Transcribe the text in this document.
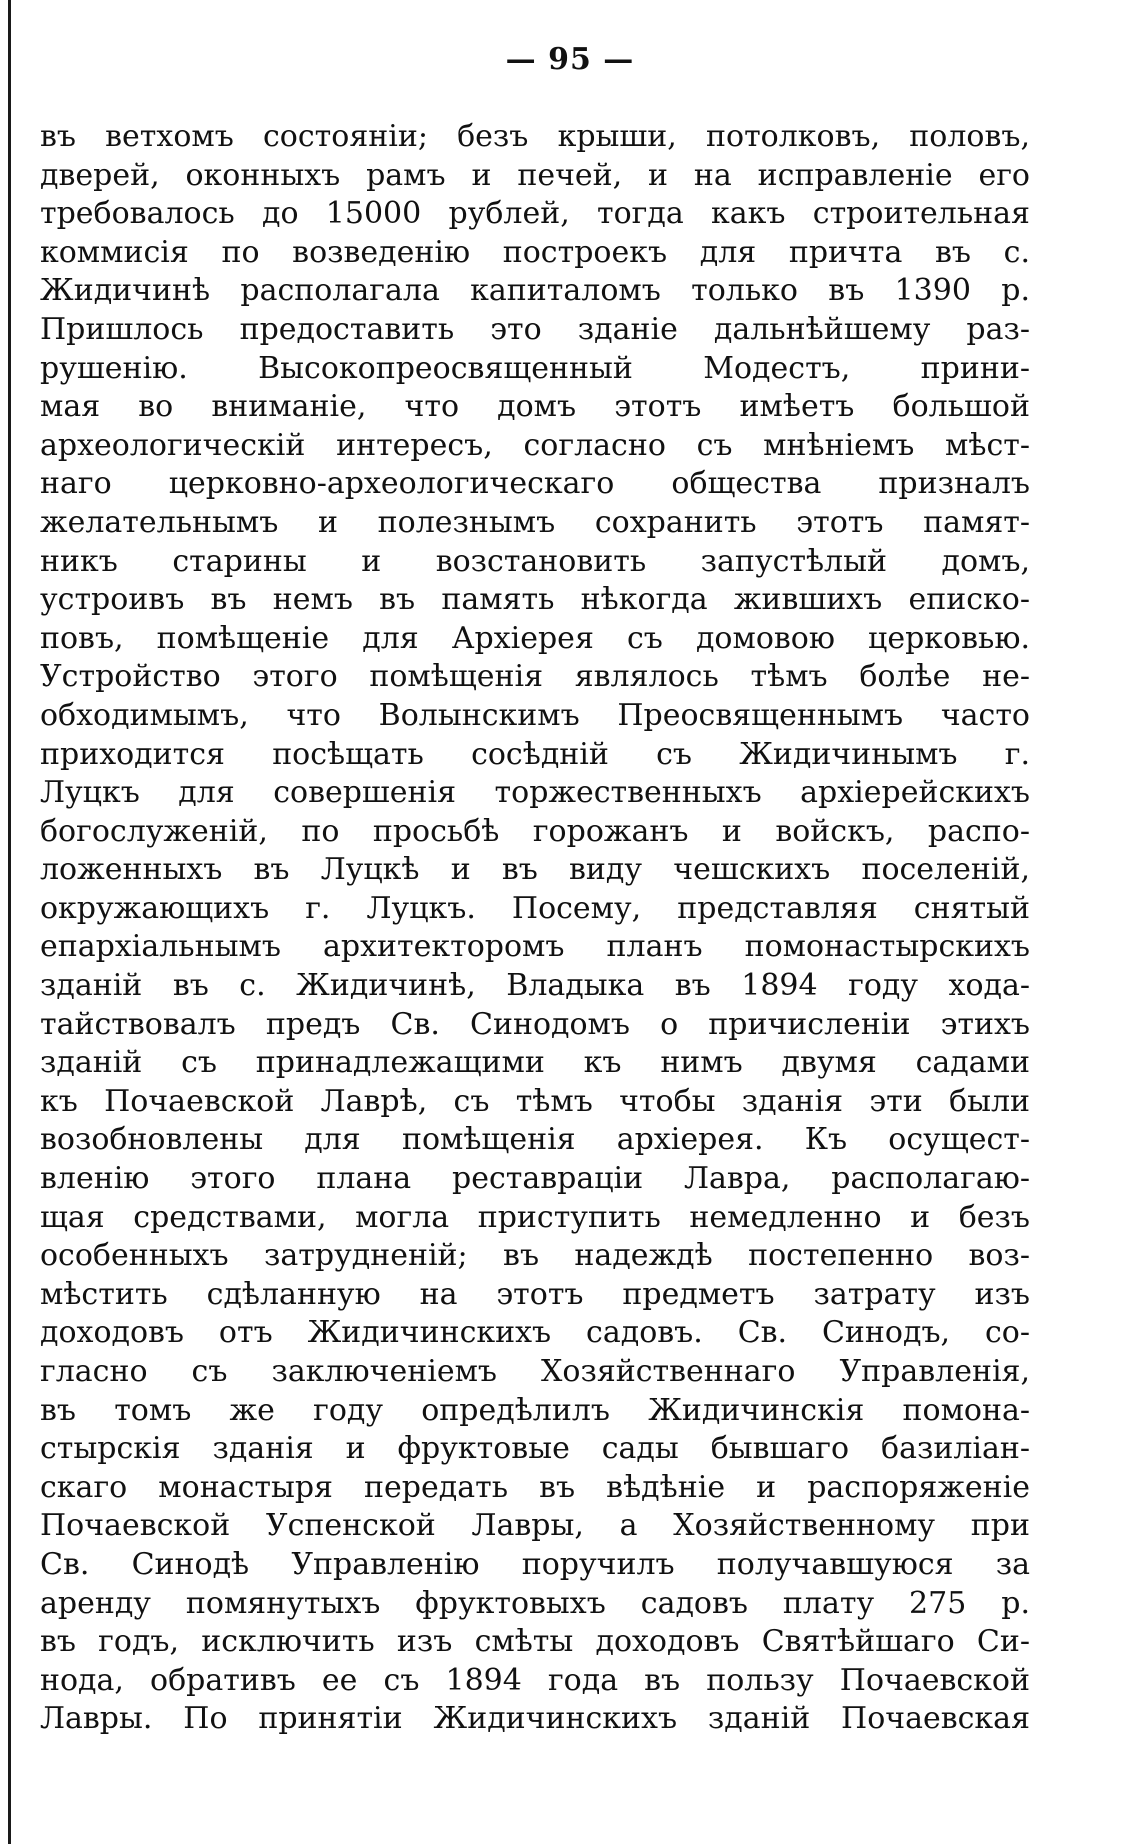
— 95 —
въ ветхомъ состояніи; безъ крыши, потолковъ, половъ,
дверей, оконныхъ рамъ и печей, и на исправленіе его
требовалось до 15000 рублей, тогда какъ строительная
коммисія по возведенію построекъ для причта въ с.
Жидичинѣ располагала капиталомъ только въ 1390 р.
Пришлось предоставить это зданіе дальнѣйшему раз-
рушенію. Высокопреосвященный Модестъ, прини-
мая во вниманіе, что домъ этотъ имѣетъ большой
археологическій интересъ, согласно съ мнѣніемъ мѣст-
наго церковно-археологическаго общества призналъ
желательнымъ и полезнымъ сохранить этотъ памят-
никъ старины и возстановить запустѣлый домъ,
устроивъ въ немъ въ память нѣкогда жившихъ еписко-
повъ, помѣщеніе для Архіерея съ домовою церковью.
Устройство этого помѣщенія являлось тѣмъ болѣе не-
обходимымъ, что Волынскимъ Преосвященнымъ часто
приходится посѣщать сосѣдній съ Жидичинымъ г.
Луцкъ для совершенія торжественныхъ архіерейскихъ
богослуженій, по просьбѣ горожанъ и войскъ, распо-
ложенныхъ въ Луцкѣ и въ виду чешскихъ поселеній,
окружающихъ г. Луцкъ. Посему, представляя снятый
епархіальнымъ архитекторомъ планъ помонастырскихъ
зданій въ с. Жидичинѣ, Владыка въ 1894 году хода-
тайствовалъ предъ Св. Синодомъ о причисленіи этихъ
зданій съ принадлежащими къ нимъ двумя садами
къ Почаевской Лаврѣ, съ тѣмъ чтобы зданія эти были
возобновлены для помѣщенія архіерея. Къ осущест-
вленію этого плана реставраціи Лавра, располагаю-
щая средствами, могла приступить немедленно и безъ
особенныхъ затрудненій; въ надеждѣ постепенно воз-
мѣстить сдѣланную на этотъ предметъ затрату изъ
доходовъ отъ Жидичинскихъ садовъ. Св. Синодъ, со-
гласно съ заключеніемъ Хозяйственнаго Управленія,
въ томъ же году опредѣлилъ Жидичинскія помона-
стырскія зданія и фруктовые сады бывшаго базиліан-
скаго монастыря передать въ вѣдѣніе и распоряженіе
Почаевской Успенской Лавры, а Хозяйственному при
Св. Синодѣ Управленію поручилъ получавшуюся за
аренду помянутыхъ фруктовыхъ садовъ плату 275 р.
въ годъ, исключить изъ смѣты доходовъ Святѣйшаго Си-
нода, обративъ ее съ 1894 года въ пользу Почаевской
Лавры. По принятіи Жидичинскихъ зданій Почаевская
